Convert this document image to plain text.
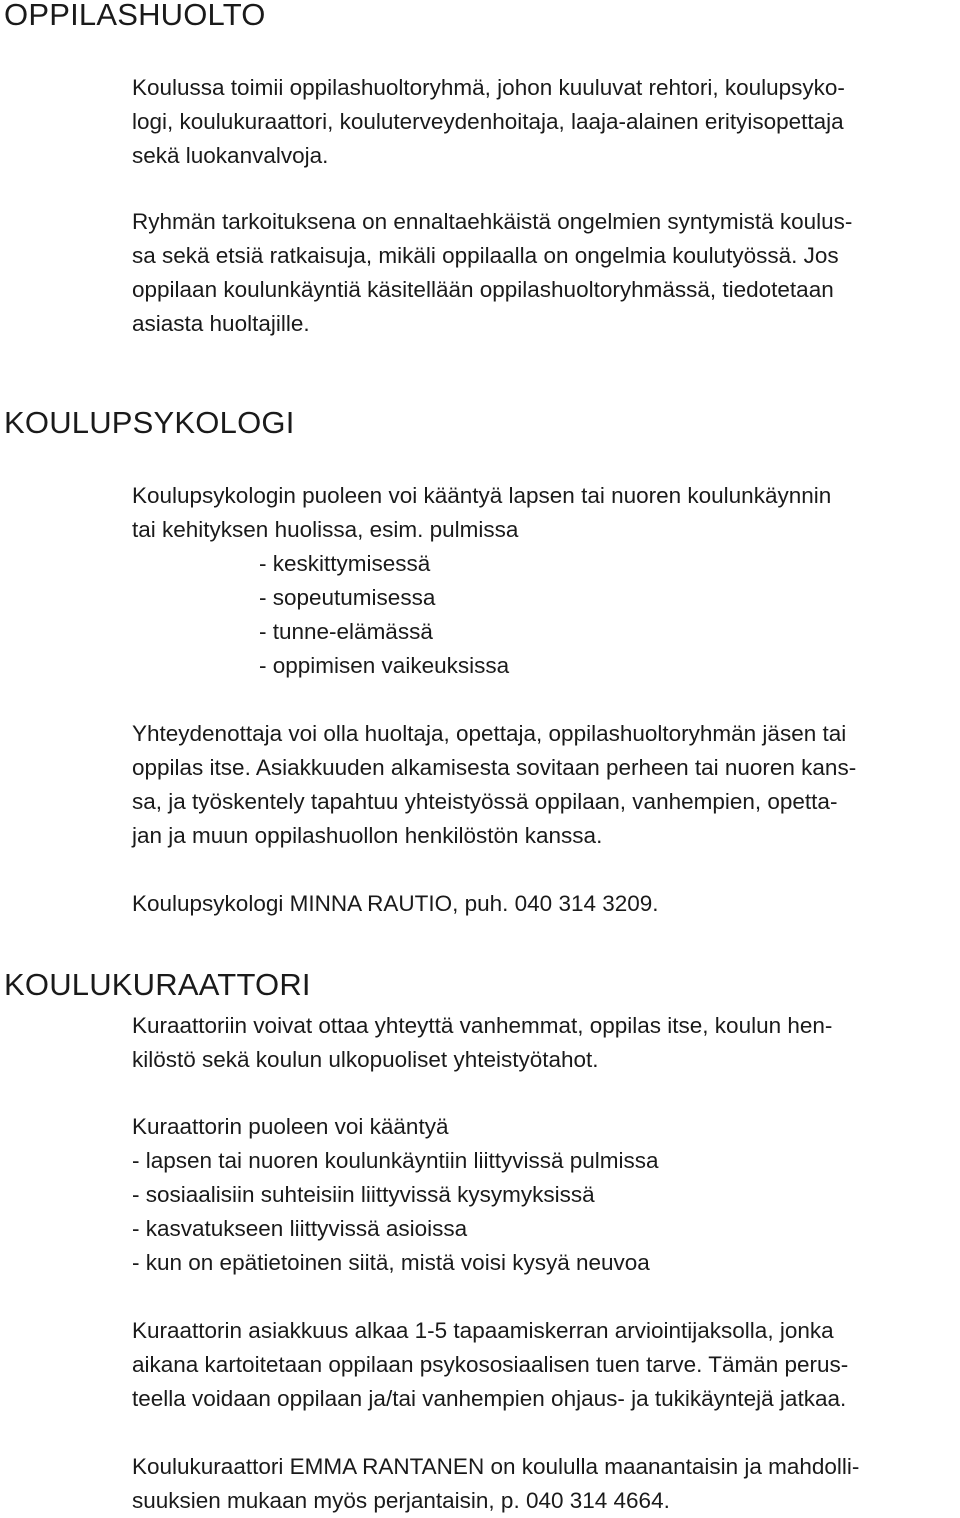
OPPILASHUOLTO

Koulussa toimii oppilashuoltoryhmä, johon kuuluvat rehtori, koulupsyko-
logi, koulukuraattori, kouluterveydenhoitaja, laaja-alainen erityisopettaja
sekä luokanvalvoja.

Ryhmän tarkoituksena on ennaltaehkäistä ongelmien syntymistä koulus-
sa sekä etsiä ratkaisuja, mikäli oppilaalla on ongelmia koulutyössä. Jos
oppilaan koulunkäyntiä käsitellään oppilashuoltoryhmässä, tiedotetaan
asiasta huoltajille.

KOULUPSYKOLOGI

Koulupsykologin puoleen voi kääntyä lapsen tai nuoren koulunkäynnin
tai kehityksen huolissa, esim. pulmissa

- keskittymisessä

- sopeutumisessa

- tunne-elämässä

- oppimisen vaikeuksissa

Yhteydenottaja voi olla huoltaja, opettaja, oppilashuoltoryhmän jäsen tai
oppilas itse. Asiakkuuden alkamisesta sovitaan perheen tai nuoren kans-
sa, ja työskentely tapahtuu yhteistyössä oppilaan, vanhempien, opetta-
jan ja muun oppilashuollon henkilöstön kanssa.

Koulupsykologi MINNA RAUTIO, puh. 040 314 3209.

KOULUKURAATTORI

Kuraattoriin voivat ottaa yhteyttä vanhemmat, oppilas itse, koulun hen-
kilöstö sekä koulun ulkopuoliset yhteistyötahot.

Kuraattorin puoleen voi kääntyä

- lapsen tai nuoren koulunkäyntiin liittyvissä pulmissa

- sosiaalisiin suhteisiin liittyvissä kysymyksissä

- kasvatukseen liittyvissä asioissa

- kun on epätietoinen siitä, mistä voisi kysyä neuvoa

Kuraattorin asiakkuus alkaa 1-5 tapaamiskerran arviointijaksolla, jonka
aikana kartoitetaan oppilaan psykososiaalisen tuen tarve. Tämän perus-
teella voidaan oppilaan ja/tai vanhempien ohjaus- ja tukikäyntejä jatkaa.

Koulukuraattori EMMA RANTANEN on koululla maanantaisin ja mahdolli-
suuksien mukaan myös perjantaisin, p. 040 314 4664.
